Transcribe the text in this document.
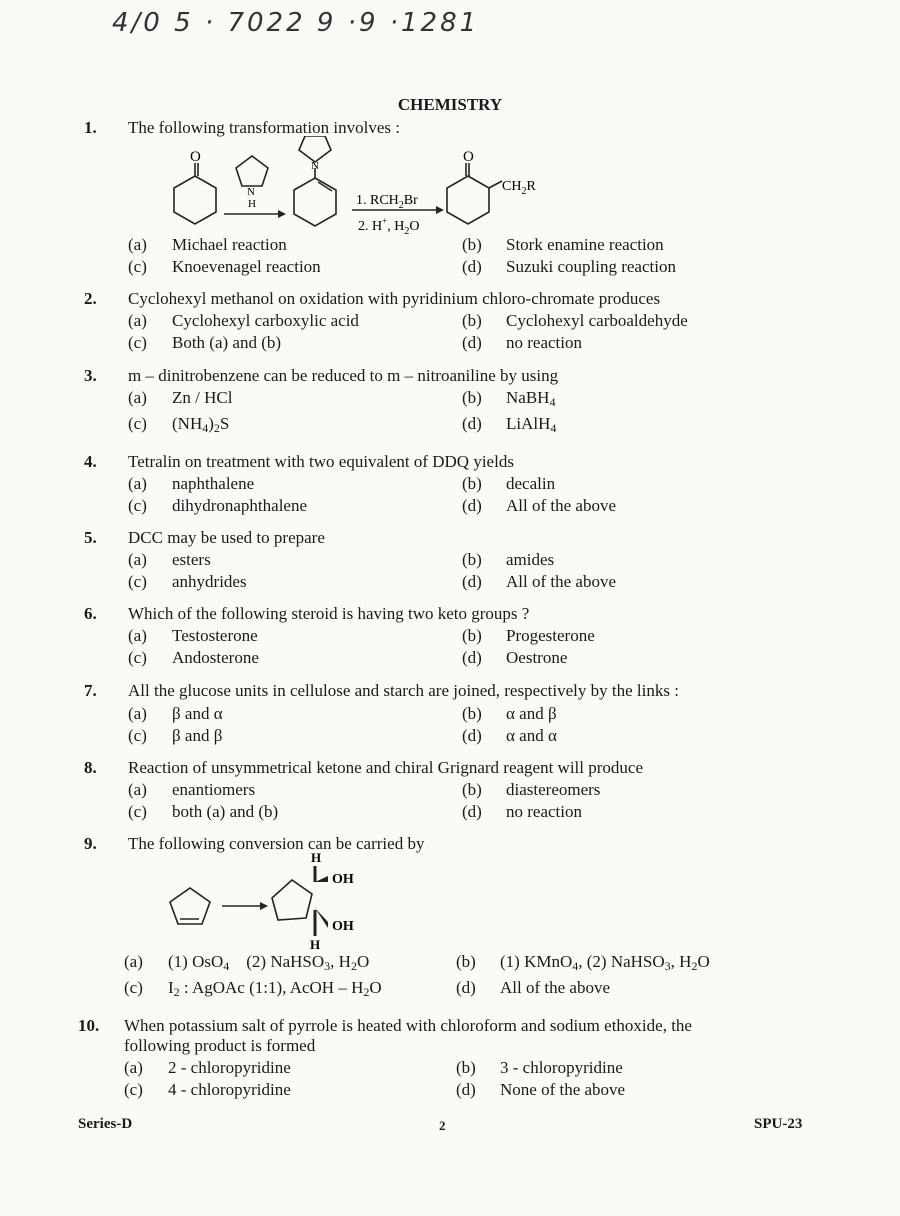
4/0 5 · 7022 9 ·9 ·1281
CHEMISTRY
1. The following transformation involves :
O
N
H
N
1. $RCH_2Br$
2. H+, $H_2O$
O
$CH_2R$
(a) Michael reaction	(b) Stork enamine reaction
(c) Knoevenagel reaction	(d) Suzuki coupling reaction
2. Cyclohexyl methanol on oxidation with pyridinium chloro-chromate produces
(a) Cyclohexyl carboxylic acid	(b) Cyclohexyl carboaldehyde
(c) Both (a) and (b)	(d) no reaction
3. m – dinitrobenzene can be reduced to m – nitroaniline by using
(a) Zn / HCl	(b) NaBH$_4$
(c) $(NH_4)_2S$	(d) LiAlH$_4$
4. Tetralin on treatment with two equivalent of DDQ yields
(a) naphthalene	(b) decalin
(c) dihydronaphthalene	(d) All of the above
5. DCC may be used to prepare
(a) esters	(b) amides
(c) anhydrides	(d) All of the above
6. Which of the following steroid is having two keto groups ?
(a) Testosterone	(b) Progesterone
(c) Andosterone	(d) Oestrone
7. All the glucose units in cellulose and starch are joined, respectively by the links :
(a) β and α	(b) α and β
(c) β and β	(d) α and α
8. Reaction of unsymmetrical ketone and chiral Grignard reagent will produce
(a) enantiomers	(b) diastereomers
(c) both (a) and (b)	(d) no reaction
9. The following conversion can be carried by
H
OH
OH
H
(a) (1) OsO$_4$    (2) NaHSO$_3$, $H_2O$	(b) (1) KMnO$_4$, (2) NaHSO$_3$, $H_2O$
(c) $I_2$ : AgOAc (1:1), AcOH – $H_2O$	(d) All of the above
10. When potassium salt of pyrrole is heated with chloroform and sodium ethoxide, the
following product is formed
(a) 2 - chloropyridine	(b) 3 - chloropyridine
(c) 4 - chloropyridine	(d) None of the above
Series-D	2	SPU-23
